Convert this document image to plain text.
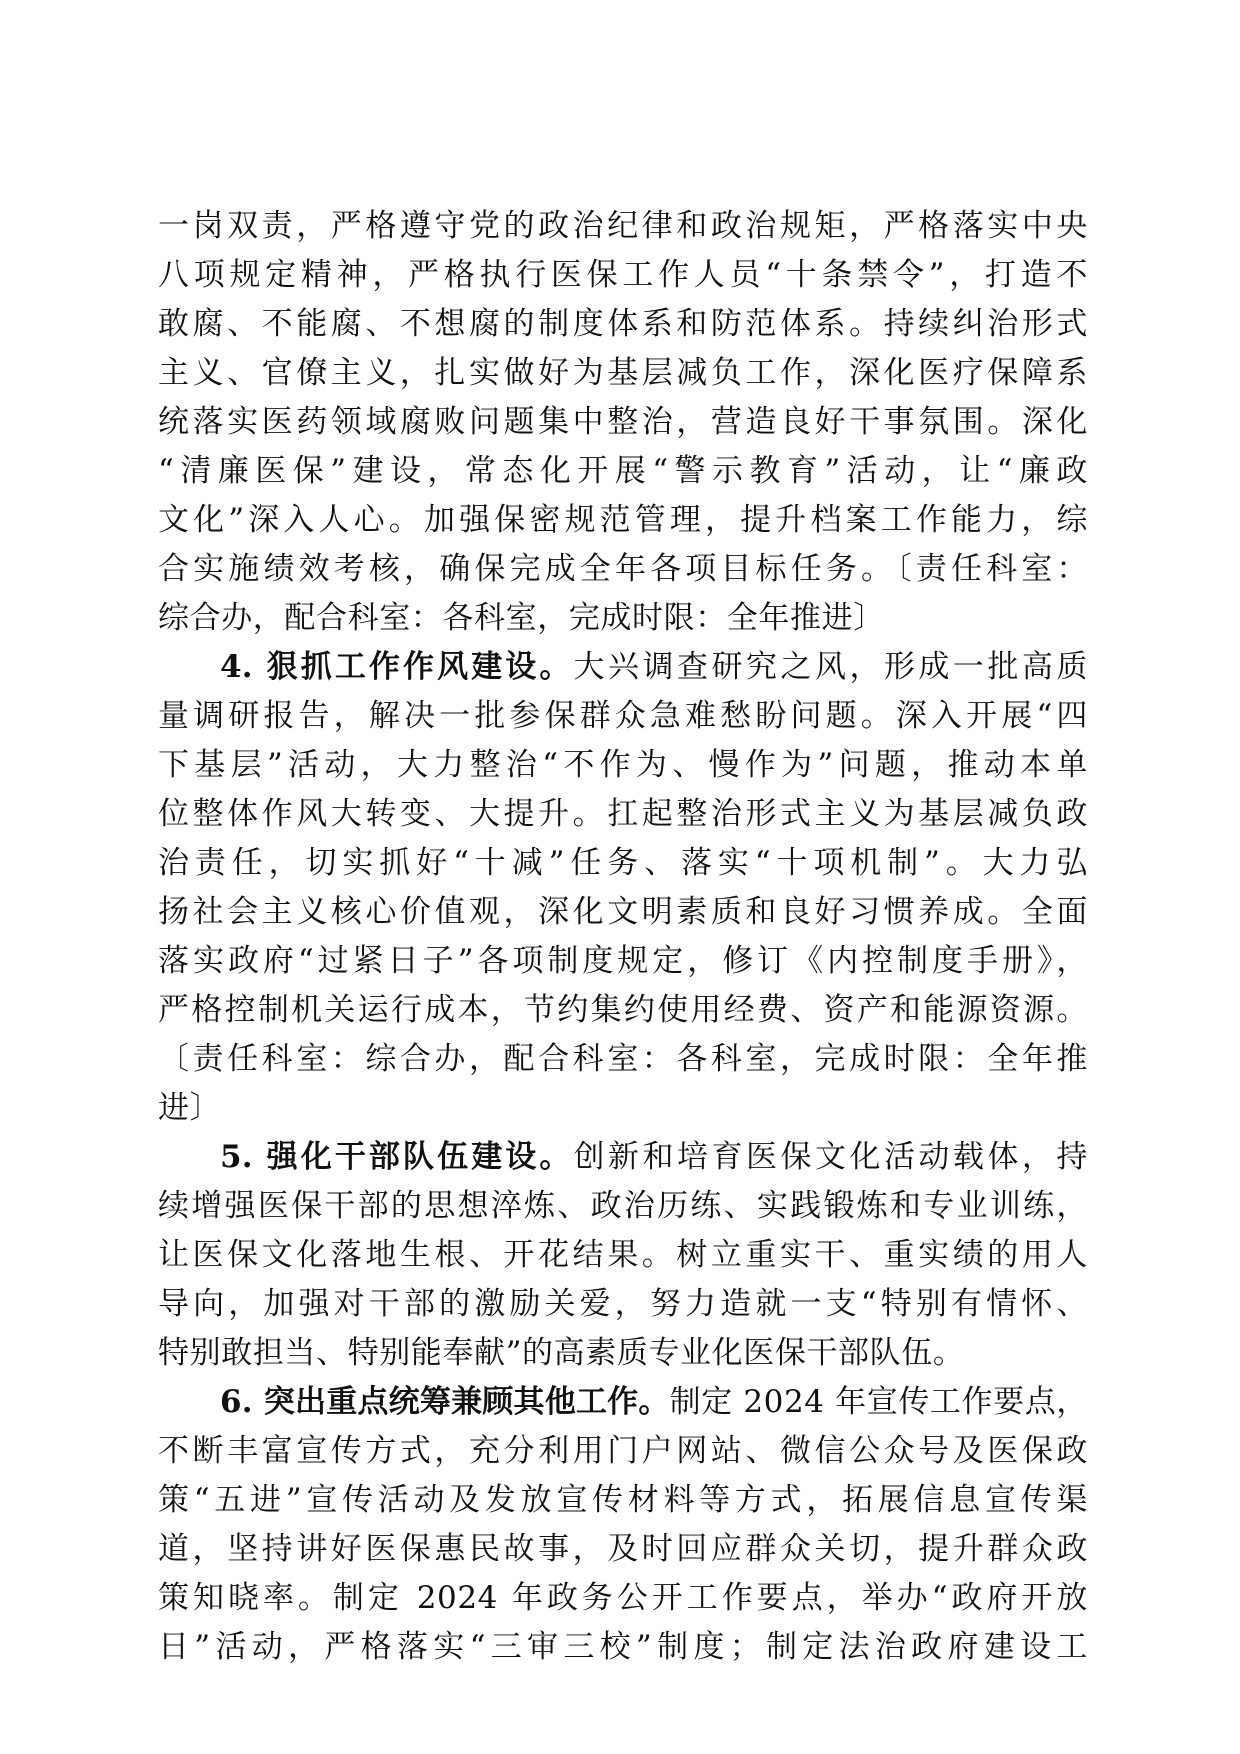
一岗双责，严格遵守党的政治纪律和政治规矩，严格落实中央
八项规定精神，严格执行医保工作人员“十条禁令”，打造不
敢腐、不能腐、不想腐的制度体系和防范体系。持续纠治形式
主义、官僚主义，扎实做好为基层减负工作，深化医疗保障系
统落实医药领域腐败问题集中整治，营造良好干事氛围。深化
“清廉医保”建设，常态化开展“警示教育”活动，让“廉政
文化”深入人心。加强保密规范管理，提升档案工作能力，综
合实施绩效考核，确保完成全年各项目标任务。〔责任科室：
综合办，配合科室：各科室，完成时限：全年推进〕
4. 狠抓工作作风建设。大兴调查研究之风，形成一批高质
量调研报告，解决一批参保群众急难愁盼问题。深入开展“四
下基层”活动，大力整治“不作为、慢作为”问题，推动本单
位整体作风大转变、大提升。扛起整治形式主义为基层减负政
治责任，切实抓好“十减”任务、落实“十项机制”。大力弘
扬社会主义核心价值观，深化文明素质和良好习惯养成。全面
落实政府“过紧日子”各项制度规定，修订《内控制度手册》，
严格控制机关运行成本，节约集约使用经费、资产和能源资源。
〔责任科室：综合办，配合科室：各科室，完成时限：全年推
进〕
5. 强化干部队伍建设。创新和培育医保文化活动载体，持
续增强医保干部的思想淬炼、政治历练、实践锻炼和专业训练，
让医保文化落地生根、开花结果。树立重实干、重实绩的用人
导向，加强对干部的激励关爱，努力造就一支“特别有情怀、
特别敢担当、特别能奉献”的高素质专业化医保干部队伍。
6. 突出重点统筹兼顾其他工作。制定 2024 年宣传工作要点，
不断丰富宣传方式，充分利用门户网站、微信公众号及医保政
策“五进”宣传活动及发放宣传材料等方式，拓展信息宣传渠
道，坚持讲好医保惠民故事，及时回应群众关切，提升群众政
策知晓率。制定 2024 年政务公开工作要点，举办“政府开放
日”活动，严格落实“三审三校”制度；制定法治政府建设工
